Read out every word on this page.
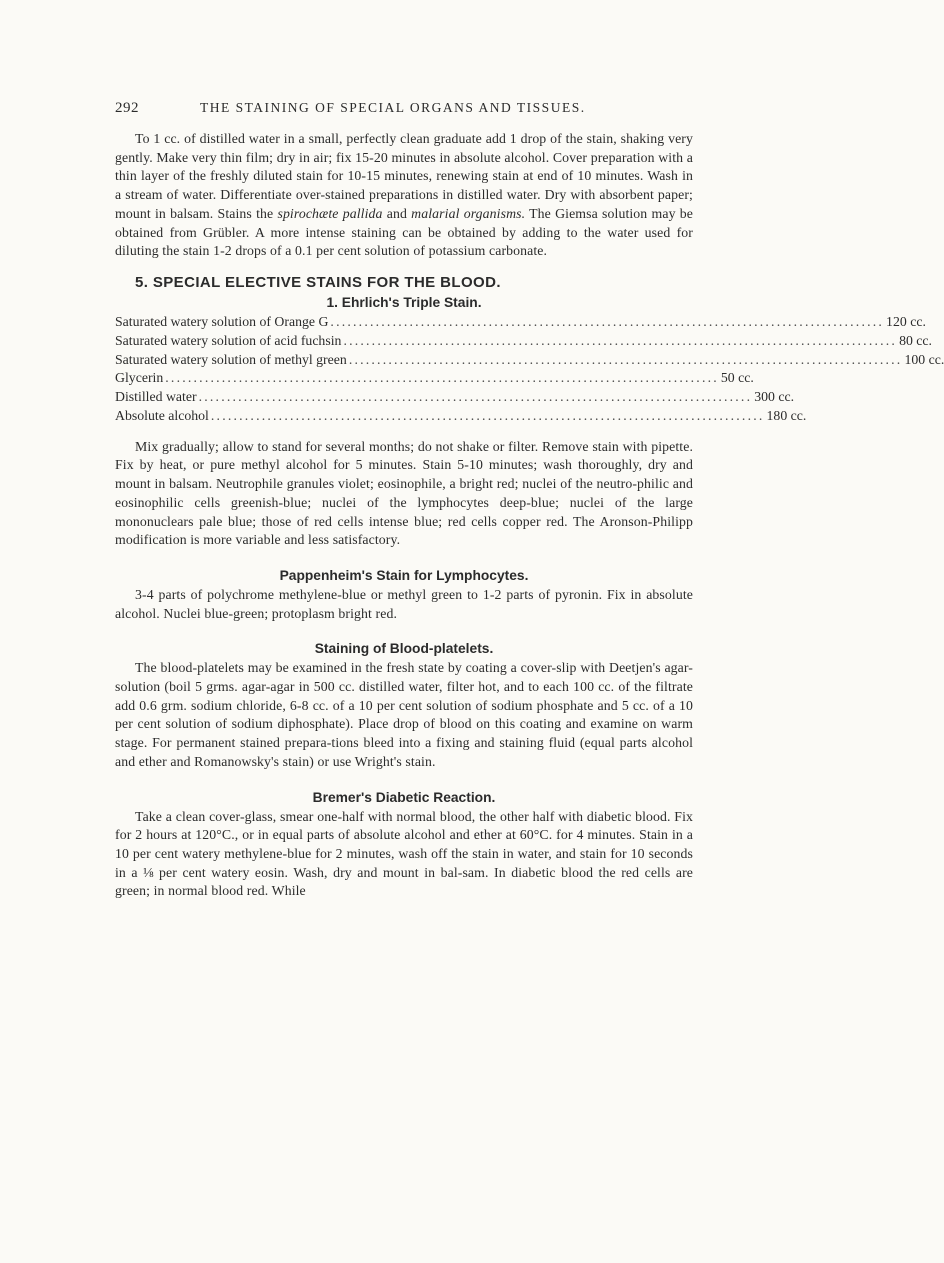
292	THE STAINING OF SPECIAL ORGANS AND TISSUES.

To 1 cc. of distilled water in a small, perfectly clean graduate add 1 drop of the stain, shaking very gently. Make very thin film; dry in air; fix 15-20 minutes in absolute alcohol. Cover preparation with a thin layer of the freshly diluted stain for 10-15 minutes, renewing stain at end of 10 minutes. Wash in a stream of water. Differentiate over-stained preparations in distilled water. Dry with absorbent paper; mount in balsam. Stains the spirochæte pallida and malarial organisms. The Giemsa solution may be obtained from Grübler. A more intense staining can be obtained by adding to the water used for diluting the stain 1-2 drops of a 0.1 per cent solution of potassium carbonate.

5. SPECIAL ELECTIVE STAINS FOR THE BLOOD.
1. Ehrlich's Triple Stain.
Saturated watery solution of Orange G .................................................................................................. 120 cc.
Saturated watery solution of acid fuchsin .................................................................................................. 80 cc.
Saturated watery solution of methyl green .................................................................................................. 100 cc.
Glycerin .................................................................................................. 50 cc.
Distilled water .................................................................................................. 300 cc.
Absolute alcohol .................................................................................................. 180 cc.

Mix gradually; allow to stand for several months; do not shake or filter. Remove stain with pipette. Fix by heat, or pure methyl alcohol for 5 minutes. Stain 5-10 minutes; wash thoroughly, dry and mount in balsam. Neutrophile granules violet; eosinophile, a bright red; nuclei of the neutro-philic and eosinophilic cells greenish-blue; nuclei of the lymphocytes deep-blue; nuclei of the large mononuclears pale blue; those of red cells intense blue; red cells copper red. The Aronson-Philipp modification is more variable and less satisfactory.

Pappenheim's Stain for Lymphocytes.

3-4 parts of polychrome methylene-blue or methyl green to 1-2 parts of pyronin. Fix in absolute alcohol. Nuclei blue-green; protoplasm bright red.

Staining of Blood-platelets.

The blood-platelets may be examined in the fresh state by coating a cover-slip with Deetjen's agar-solution (boil 5 grms. agar-agar in 500 cc. distilled water, filter hot, and to each 100 cc. of the filtrate add 0.6 grm. sodium chloride, 6-8 cc. of a 10 per cent solution of sodium phosphate and 5 cc. of a 10 per cent solution of sodium diphosphate). Place drop of blood on this coating and examine on warm stage. For permanent stained prepara-tions bleed into a fixing and staining fluid (equal parts alcohol and ether and Romanowsky's stain) or use Wright's stain.

Bremer's Diabetic Reaction.

Take a clean cover-glass, smear one-half with normal blood, the other half with diabetic blood. Fix for 2 hours at 120°C., or in equal parts of absolute alcohol and ether at 60°C. for 4 minutes. Stain in a 10 per cent watery methylene-blue for 2 minutes, wash off the stain in water, and stain for 10 seconds in a ⅛ per cent watery eosin. Wash, dry and mount in bal-sam. In diabetic blood the red cells are green; in normal blood red. While
